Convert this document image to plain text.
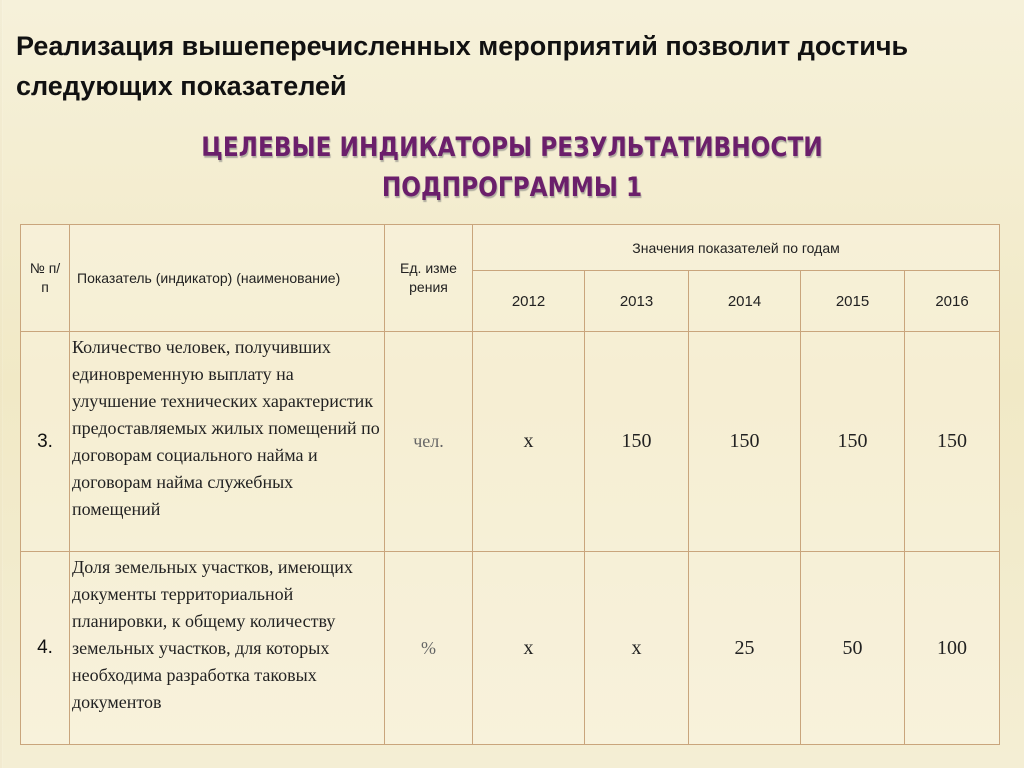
Реализация вышеперечисленных мероприятий позволит достичь следующих показателей
ЦЕЛЕВЫЕ ИНДИКАТОРЫ РЕЗУЛЬТАТИВНОСТИ
ПОДПРОГРАММЫ 1
№ п/п	Показатель (индикатор) (наименование)	Ед. измерения	Значения показателей по годам				
			2012	2013	2014	2015	2016
3.	Количество человек, получивших единовременную выплату на улучшение технических характеристик предоставляемых жилых помещений по договорам социального найма и договорам найма служебных помещений	чел.	х	150	150	150	150
4.	Доля земельных участков, имеющих документы территориальной планировки, к общему количеству земельных участков, для которых необходима разработка таковых документов	%	х	х	25	50	100
